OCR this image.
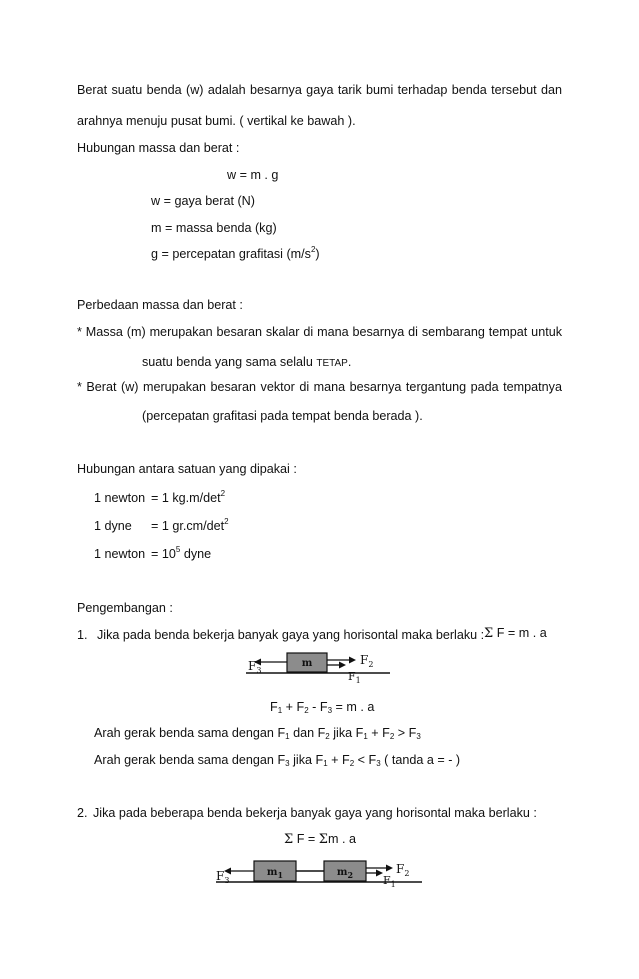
Berat suatu benda (w) adalah besarnya gaya tarik bumi terhadap benda tersebut dan
arahnya menuju pusat bumi. ( vertikal ke bawah ).
Hubungan massa dan berat :
w = m . g
w = gaya berat (N)
m = massa benda (kg)
g = percepatan grafitasi $(m/s^2)$
Perbedaan massa dan berat :
* Massa (m) merupakan besaran skalar di mana besarnya di sembarang tempat untuk
suatu benda yang sama selalu TETAP.
* Berat (w) merupakan besaran vektor di mana besarnya tergantung pada tempatnya
(percepatan grafitasi pada tempat benda berada ).
Hubungan antara satuan yang dipakai :
1 newton = 1 $kg.m/\det^2$
1 dyne = 1 $gr.cm/\det^2$
1 newton = $10^5$ dyne
Pengembangan :
1. Jika pada benda bekerja banyak gaya yang horisontal maka berlaku : Σ F = m . a
m
$F_3$	$F_1$
$F_2$
$F_1 + F_2 - F_3 = m$ . a
Arah gerak benda sama dengan $F_1$ dan $F_2$ jika $F_1 + F_2 > F_3$
Arah gerak benda sama dengan $F_3$ jika $F_1 + F_2 < F_3$ ( tanda a = - )
2. Jika pada beberapa benda bekerja banyak gaya yang horisontal maka berlaku :
Σ F = Σm . a
$m_1$	$m_2$
$F_3$	$F_1$
$F_2$
